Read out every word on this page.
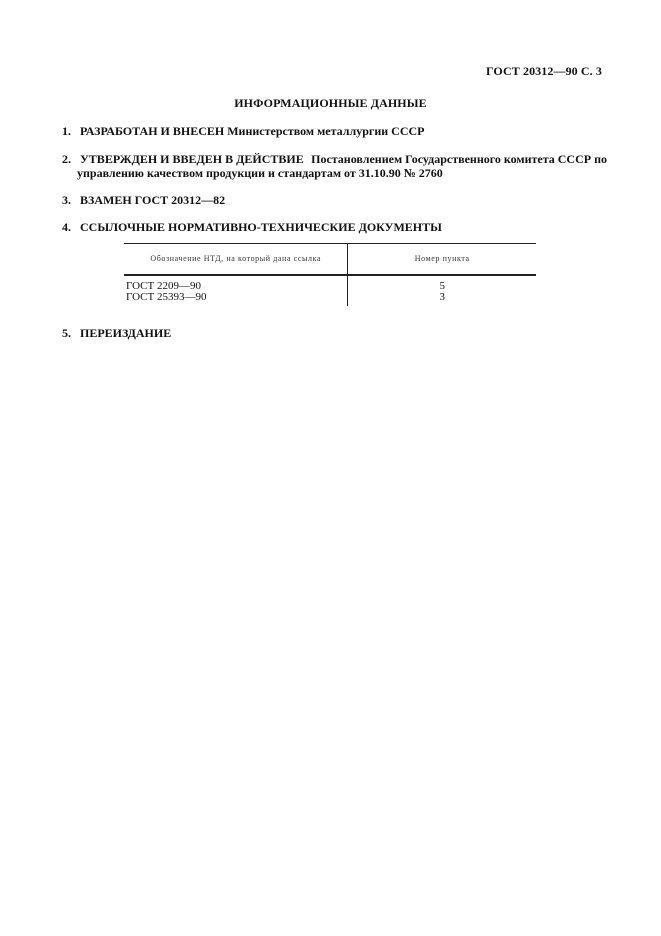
ГОСТ 20312—90 С. 3
ИНФОРМАЦИОННЫЕ ДАННЫЕ
1. РАЗРАБОТАН И ВНЕСЕН Министерством металлургии СССР
2. УТВЕРЖДЕН И ВВЕДЕН В ДЕЙСТВИЕ Постановлением Государственного комитета СССР по
управлению качеством продукции и стандартам от 31.10.90 № 2760
3. ВЗАМЕН ГОСТ 20312—82
4. ССЫЛОЧНЫЕ НОРМАТИВНО-ТЕХНИЧЕСКИЕ ДОКУМЕНТЫ
Обозначение НТД, на который дана ссылка	Номер пункта

ГОСТ 2209—90	5
ГОСТ 25393—90	3
5. ПЕРЕИЗДАНИЕ
